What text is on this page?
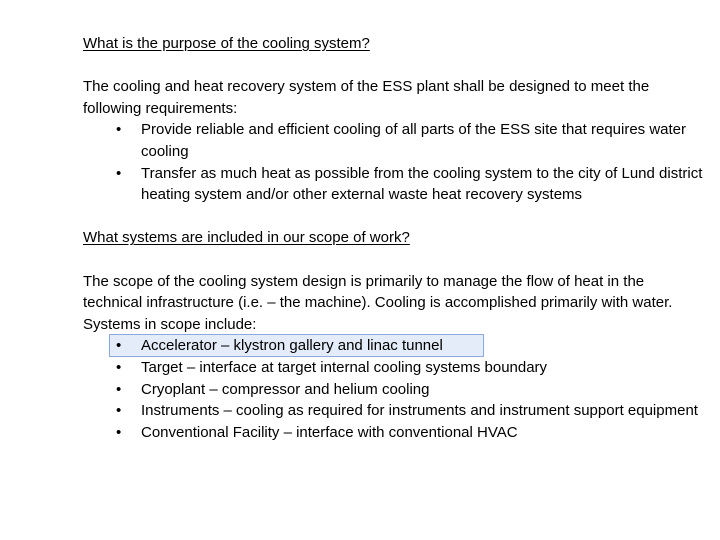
What is the purpose of the cooling system?

The cooling and heat recovery system of the ESS plant shall be designed to meet the following requirements:

• Provide reliable and efficient cooling of all parts of the ESS site that requires water cooling
• Transfer as much heat as possible from the cooling system to the city of Lund district heating system and/or other external waste heat recovery systems

What systems are included in our scope of work?

The scope of the cooling system design is primarily to manage the flow of heat in the technical infrastructure (i.e. – the machine). Cooling is accomplished primarily with water. Systems in scope include:

• Accelerator – klystron gallery and linac tunnel
• Target – interface at target internal cooling systems boundary
• Cryoplant – compressor and helium cooling
• Instruments – cooling as required for instruments and instrument support equipment
• Conventional Facility – interface with conventional HVAC
